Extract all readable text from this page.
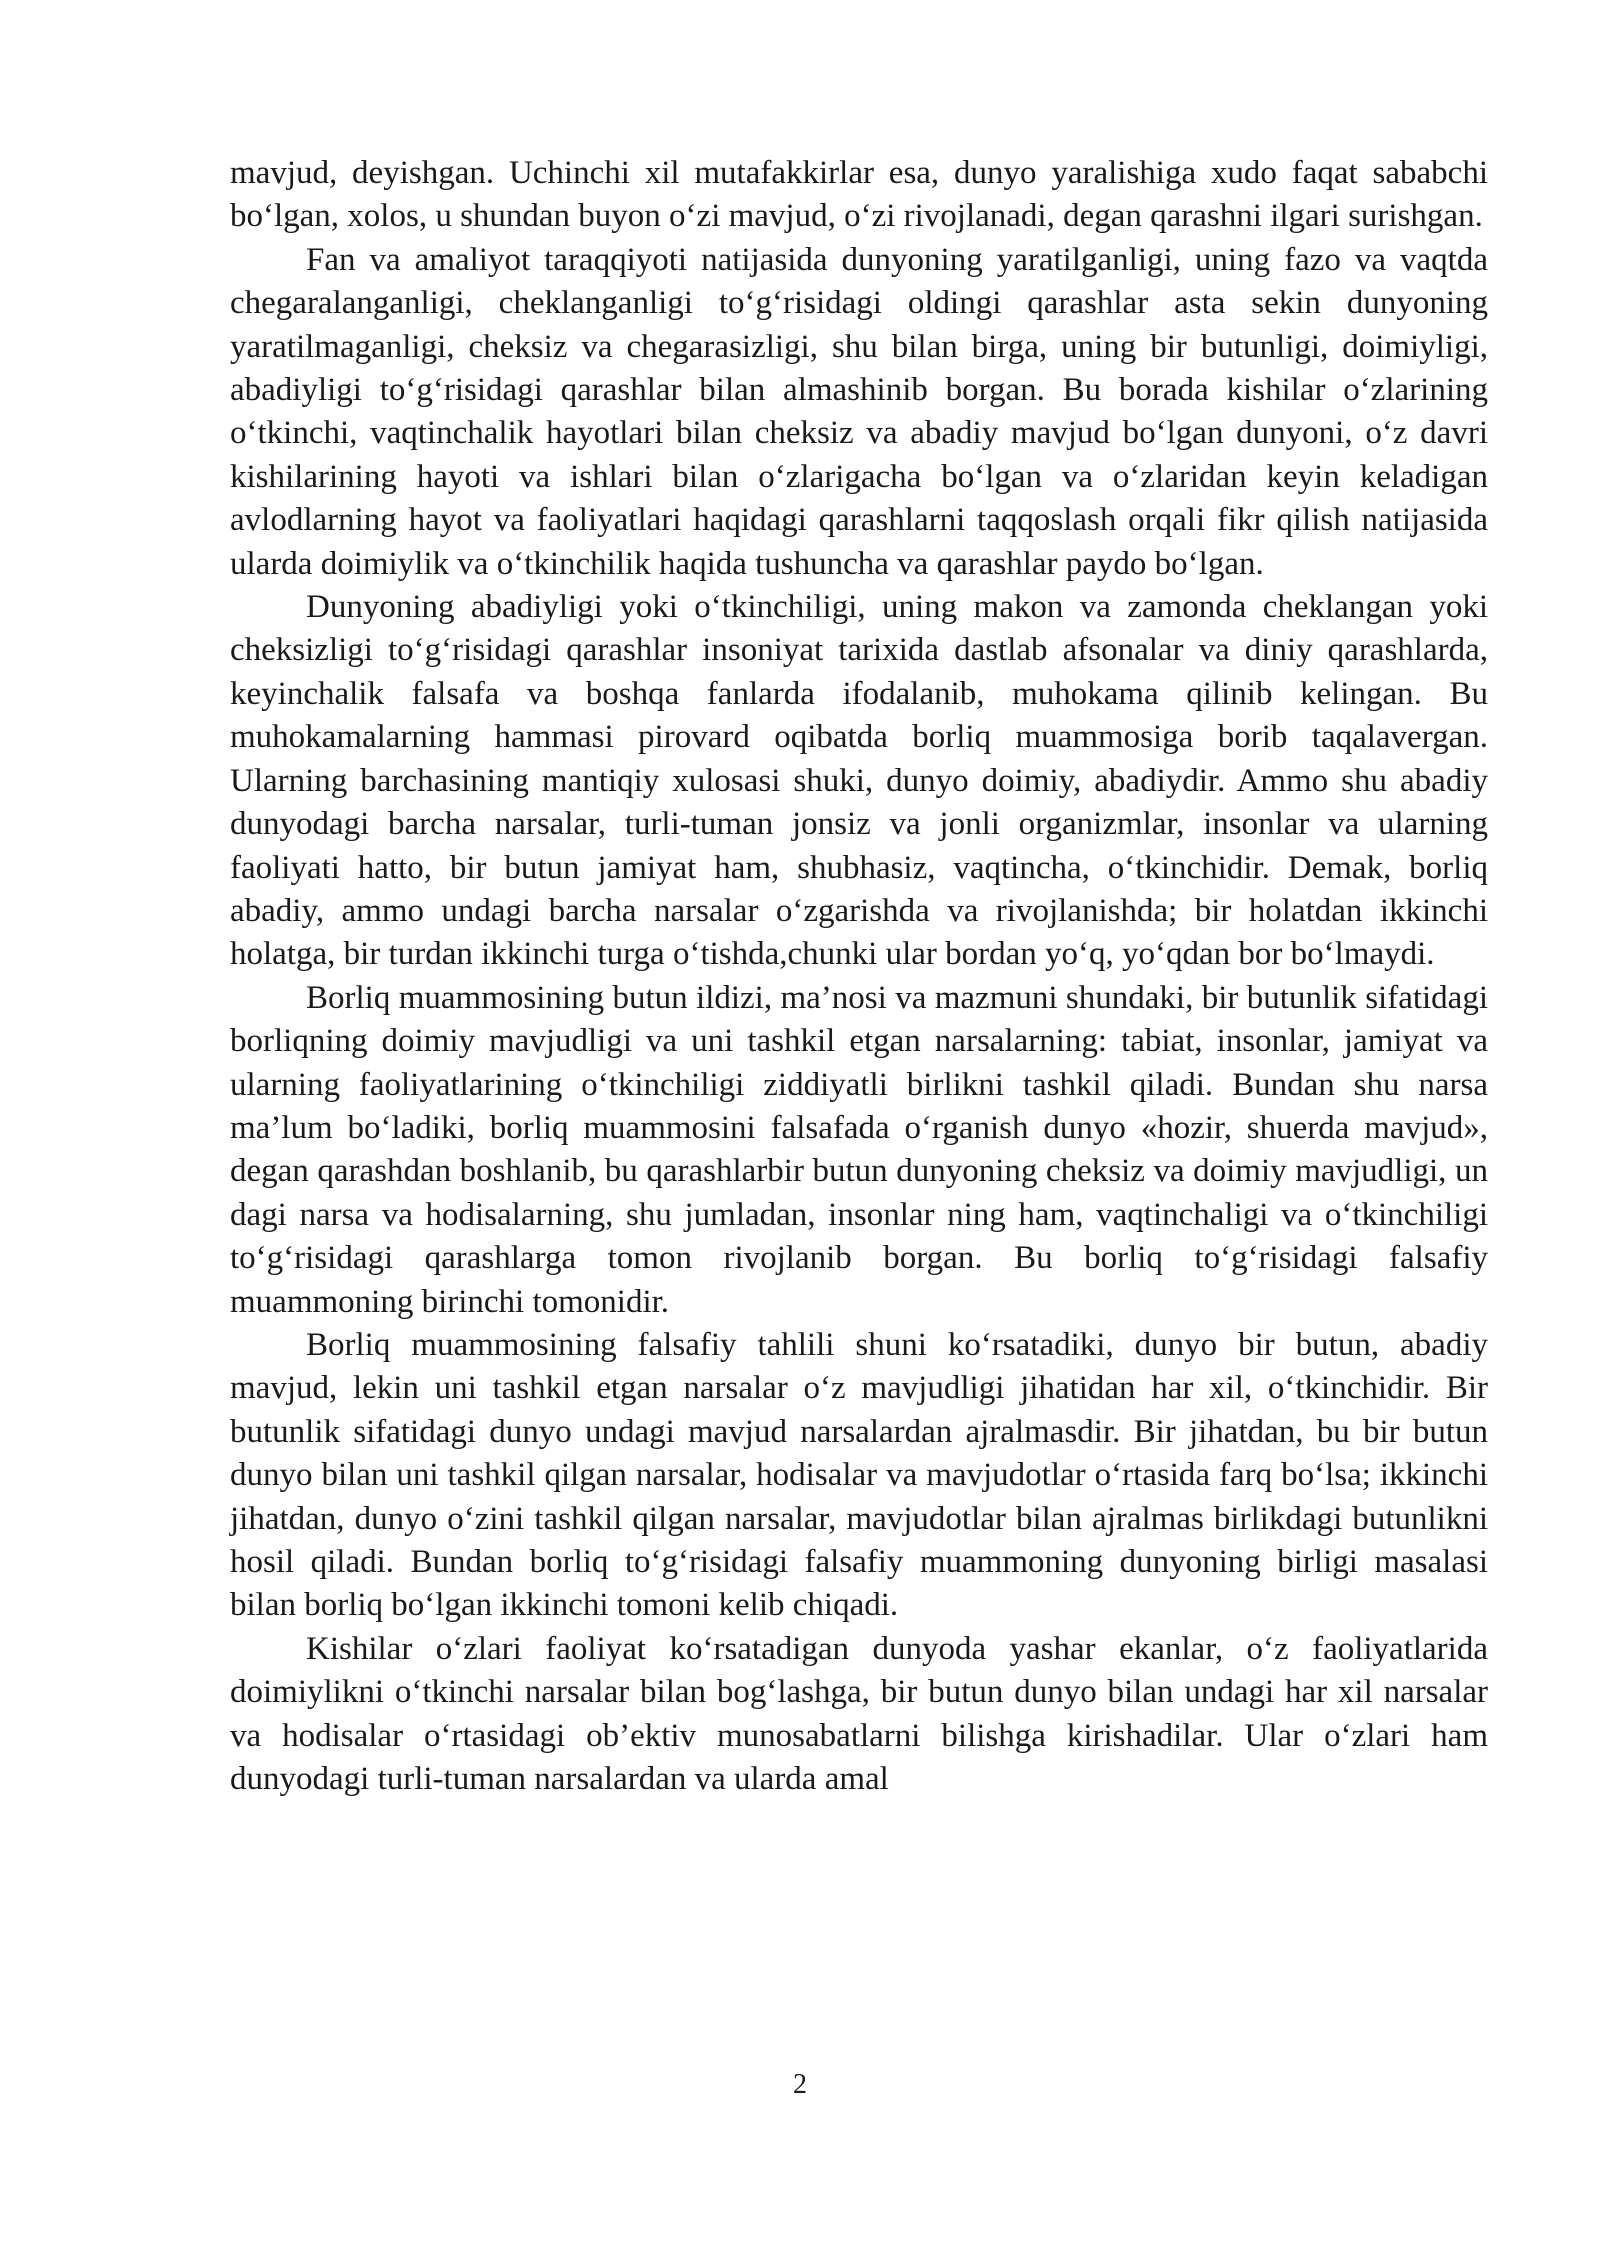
mavjud, deyishgan. Uchinchi xil mutafakkirlar esa, dunyo yaralishiga xudo faqat sababchi bo‘lgan, xolos, u shundan buyon o‘zi mavjud, o‘zi rivojlanadi, degan qarashni ilgari surishgan.

Fan va amaliyot taraqqiyoti natijasida dunyoning yaratilganligi, uning fazo va vaqtda chegaralanganligi, cheklanganligi to‘g‘risidagi oldingi qarashlar asta sekin dunyoning yaratilmaganligi, cheksiz va chegarasizligi, shu bilan birga, uning bir butunligi, doimiyligi, abadiyligi to‘g‘risidagi qarashlar bilan almashinib borgan. Bu borada kishilar o‘zlarining o‘tkinchi, vaqtinchalik hayotlari bilan cheksiz va abadiy mavjud bo‘lgan dunyoni, o‘z davri kishilarining hayoti va ishlari bilan o‘zlarigacha bo‘lgan va o‘zlaridan keyin keladigan avlodlarning hayot va faoliyatlari haqidagi qarashlarni taqqoslash orqali fikr qilish natijasida ularda doimiylik va o‘tkinchilik haqida tushuncha va qarashlar paydo bo‘lgan.

Dunyoning abadiyligi yoki o‘tkinchiligi, uning makon va zamonda cheklangan yoki cheksizligi to‘g‘risidagi qarashlar insoniyat tarixida dastlab afsonalar va diniy qarashlarda, keyinchalik falsafa va boshqa fanlarda ifodalanib, muhokama qilinib kelingan. Bu muhokamalarning hammasi pirovard oqibatda borliq muammosiga borib taqalavergan. Ularning barchasining mantiqiy xulosasi shuki, dunyo doimiy, abadiydir. Ammo shu abadiy dunyodagi barcha narsalar, turli-tuman jonsiz va jonli organizmlar, insonlar va ularning faoliyati hatto, bir butun jamiyat ham, shubhasiz, vaqtincha, o‘tkinchidir. Demak, borliq abadiy, ammo undagi barcha narsalar o‘zgarishda va rivojlanishda; bir holatdan ikkinchi holatga, bir turdan ikkinchi turga o‘tishda,chunki ular bordan yo‘q, yo‘qdan bor bo‘lmaydi.

Borliq muammosining butun ildizi, ma’nosi va mazmuni shundaki, bir butunlik sifatidagi borliqning doimiy mavjudligi va uni tashkil etgan narsalarning: tabiat, insonlar, jamiyat va ularning faoliyatlarining o‘tkinchiligi ziddiyatli birlikni tashkil qiladi. Bundan shu narsa ma’lum bo‘ladiki, borliq muammosini falsafada o‘rganish dunyo «hozir, shuerda mavjud», degan qarashdan boshlanib, bu qarashlarbir butun dunyoning cheksiz va doimiy mavjudligi, un dagi narsa va hodisalarning, shu jumladan, insonlar ning ham, vaqtinchaligi va o‘tkinchiligi to‘g‘risidagi qarashlarga tomon rivojlanib borgan. Bu borliq to‘g‘risidagi falsafiy muammoning birinchi tomonidir.

Borliq muammosining falsafiy tahlili shuni ko‘rsatadiki, dunyo bir butun, abadiy mavjud, lekin uni tashkil etgan narsalar o‘z mavjudligi jihatidan har xil, o‘tkinchidir. Bir butunlik sifatidagi dunyo undagi mavjud narsalardan ajralmasdir. Bir jihatdan, bu bir butun dunyo bilan uni tashkil qilgan narsalar, hodisalar va mavjudotlar o‘rtasida farq bo‘lsa; ikkinchi jihatdan, dunyo o‘zini tashkil qilgan narsalar, mavjudotlar bilan ajralmas birlikdagi butunlikni hosil qiladi. Bundan borliq to‘g‘risidagi falsafiy muammoning dunyoning birligi masalasi bilan borliq bo‘lgan ikkinchi tomoni kelib chiqadi.

Kishilar o‘zlari faoliyat ko‘rsatadigan dunyoda yashar ekanlar, o‘z faoliyatlarida doimiylikni o‘tkinchi narsalar bilan bog‘lashga, bir butun dunyo bilan undagi har xil narsalar va hodisalar o‘rtasidagi ob’ektiv munosabatlarni bilishga kirishadilar. Ular o‘zlari ham dunyodagi turli-tuman narsalardan va ularda amal

2
